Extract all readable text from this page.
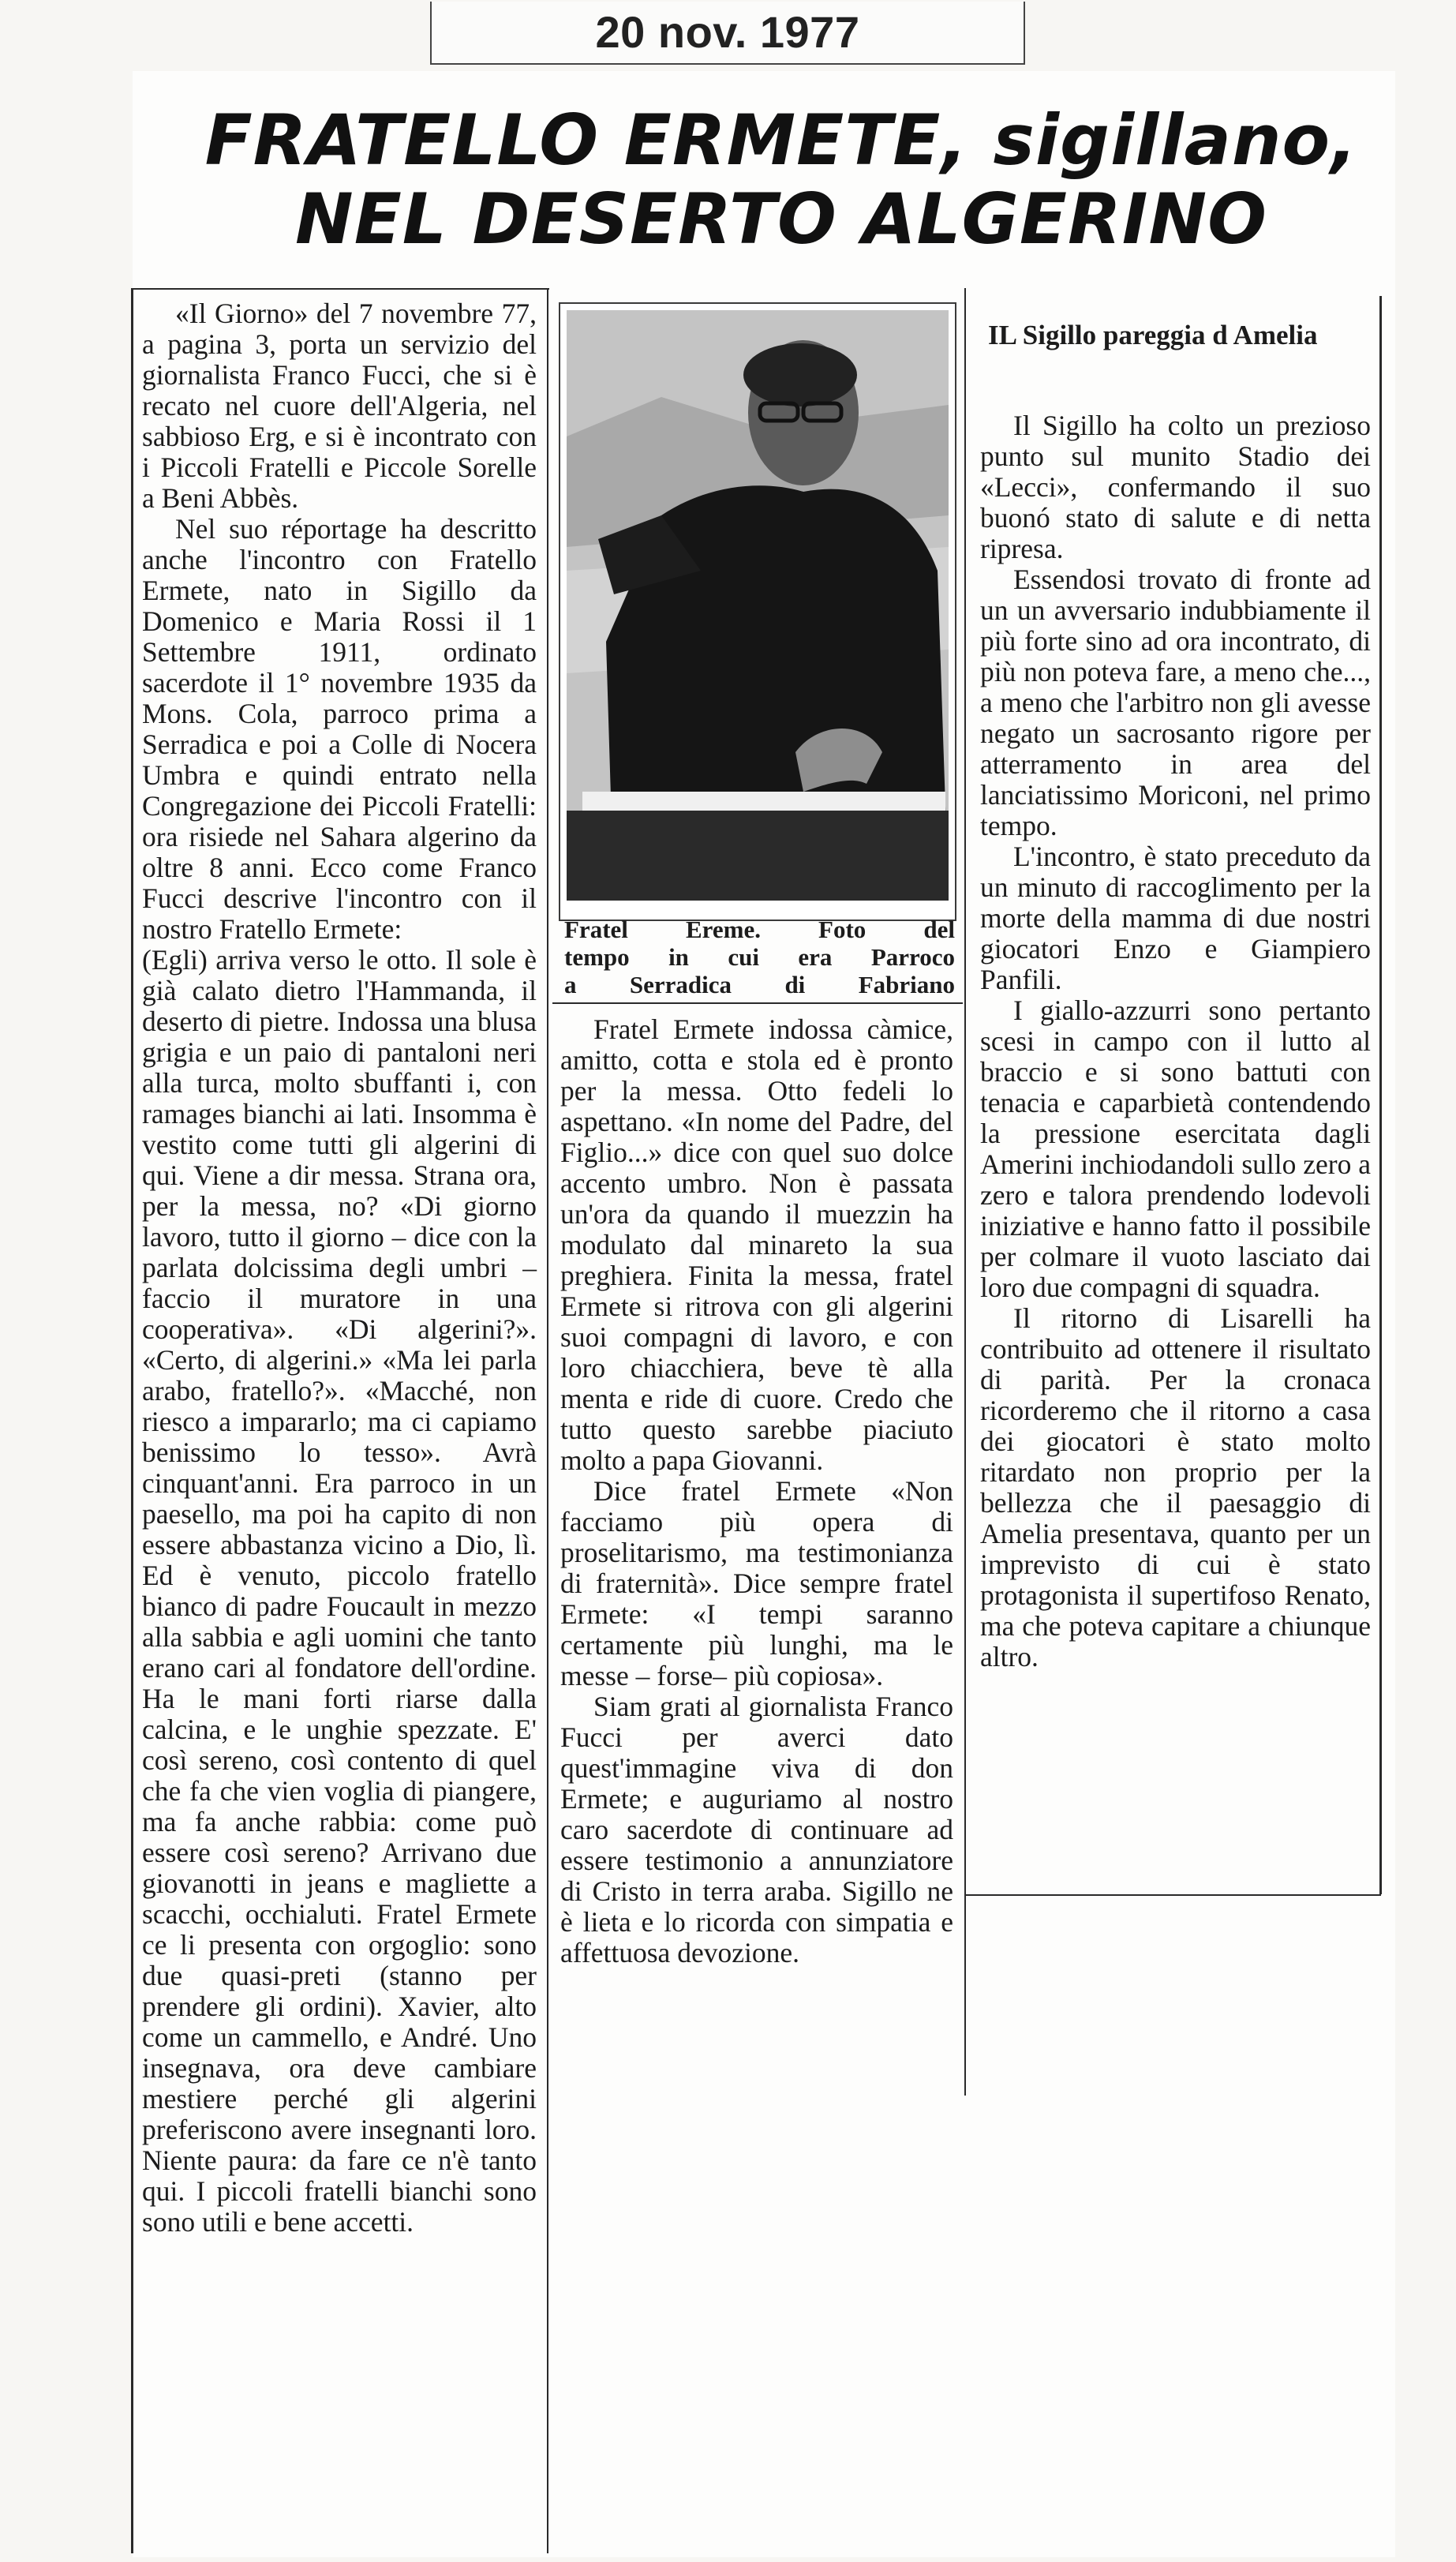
20 nov. 1977
FRATELLO ERMETE, sigillano,
NEL DESERTO ALGERINO

«Il Giorno» del 7 novembre 77, a pagina 3, porta un servizio del giornalista Franco Fucci, che si è recato nel cuore dell'Algeria, nel sabbioso Erg, e si è incontrato con i Piccoli Fratelli e Piccole Sorelle a Beni Abbès.

Nel suo réportage ha descritto anche l'incontro con Fratello Ermete, nato in Sigillo da Domenico e Maria Rossi il 1 Settembre 1911, ordinato sacerdote il 1° novembre 1935 da Mons. Cola, parroco prima a Serradica e poi a Colle di Nocera Umbra e quindi entrato nella Congregazione dei Piccoli Fratelli: ora risiede nel Sahara algerino da oltre 8 anni. Ecco come Franco Fucci descrive l'incontro con il nostro Fratello Ermete:

(Egli) arriva verso le otto. Il sole è già calato dietro l'Hammanda, il deserto di pietre. Indossa una blusa grigia e un paio di pantaloni neri alla turca, molto sbuffanti i, con ramages bianchi ai lati. Insomma è vestito come tutti gli algerini di qui. Viene a dir messa. Strana ora, per la messa, no? «Di giorno lavoro, tutto il giorno – dice con la parlata dolcissima degli umbri – faccio il muratore in una cooperativa». «Di algerini?». «Certo, di algerini.» «Ma lei parla arabo, fratello?». «Macché, non riesco a impararlo; ma ci capiamo benissimo lo tesso». Avrà cinquant'anni. Era parroco in un paesello, ma poi ha capito di non essere abbastanza vicino a Dio, lì. Ed è venuto, piccolo fratello bianco di padre Foucault in mezzo alla sabbia e agli uomini che tanto erano cari al fondatore dell'ordine. Ha le mani forti riarse dalla calcina, e le unghie spezzate. E' così sereno, così contento di quel che fa che vien voglia di piangere, ma fa anche rabbia: come può essere così sereno? Arrivano due giovanotti in jeans e magliette a scacchi, occhialuti. Fratel Ermete ce li presenta con orgoglio: sono due quasi-preti (stanno per prendere gli ordini). Xavier, alto come un cammello, e André. Uno insegnava, ora deve cambiare mestiere perché gli algerini preferiscono avere insegnanti loro. Niente paura: da fare ce n'è tanto qui. I piccoli fratelli bianchi sono sono utili e bene accetti.

Fratel Ereme. Foto del
tempo in cui era Parroco
a Serradica di Fabriano

Fratel Ermete indossa càmice, amitto, cotta e stola ed è pronto per la messa. Otto fedeli lo aspettano. «In nome del Padre, del Figlio...» dice con quel suo dolce accento umbro. Non è passata un'ora da quando il muezzin ha modulato dal minareto la sua preghiera. Finita la messa, fratel Ermete si ritrova con gli algerini suoi compagni di lavoro, e con loro chiacchiera, beve tè alla menta e ride di cuore. Credo che tutto questo sarebbe piaciuto molto a papa Giovanni.

Dice fratel Ermete «Non facciamo più opera di proselitarismo, ma testimonianza di fraternità». Dice sempre fratel Ermete: «I tempi saranno certamente più lunghi, ma le messe – forse– più copiosa».

Siam grati al giornalista Franco Fucci per averci dato quest'immagine viva di don Ermete; e auguriamo al nostro caro sacerdote di continuare ad essere testimonio a annunziatore di Cristo in terra araba. Sigillo ne è lieta e lo ricorda con simpatia e affettuosa devozione.

IL Sigillo pareggia d Amelia

Il Sigillo ha colto un prezioso punto sul munito Stadio dei «Lecci», confermando il suo buonó stato di salute e di netta ripresa.

Essendosi trovato di fronte ad un un avversario indubbiamente il più forte sino ad ora incontrato, di più non poteva fare, a meno che..., a meno che l'arbitro non gli avesse negato un sacrosanto rigore per atterramento in area del lanciatissimo Moriconi, nel primo tempo.

L'incontro, è stato preceduto da un minuto di raccoglimento per la morte della mamma di due nostri giocatori Enzo e Giampiero Panfili.

I giallo-azzurri sono pertanto scesi in campo con il lutto al braccio e si sono battuti con tenacia e caparbietà contendendo la pressione esercitata dagli Amerini inchiodandoli sullo zero a zero e talora prendendo lodevoli iniziative e hanno fatto il possibile per colmare il vuoto lasciato dai loro due compagni di squadra.

Il ritorno di Lisarelli ha contribuito ad ottenere il risultato di parità. Per la cronaca ricorderemo che il ritorno a casa dei giocatori è stato molto ritardato non proprio per la bellezza che il paesaggio di Amelia presentava, quanto per un imprevisto di cui è stato protagonista il supertifoso Renato, ma che poteva capitare a chiunque altro.
